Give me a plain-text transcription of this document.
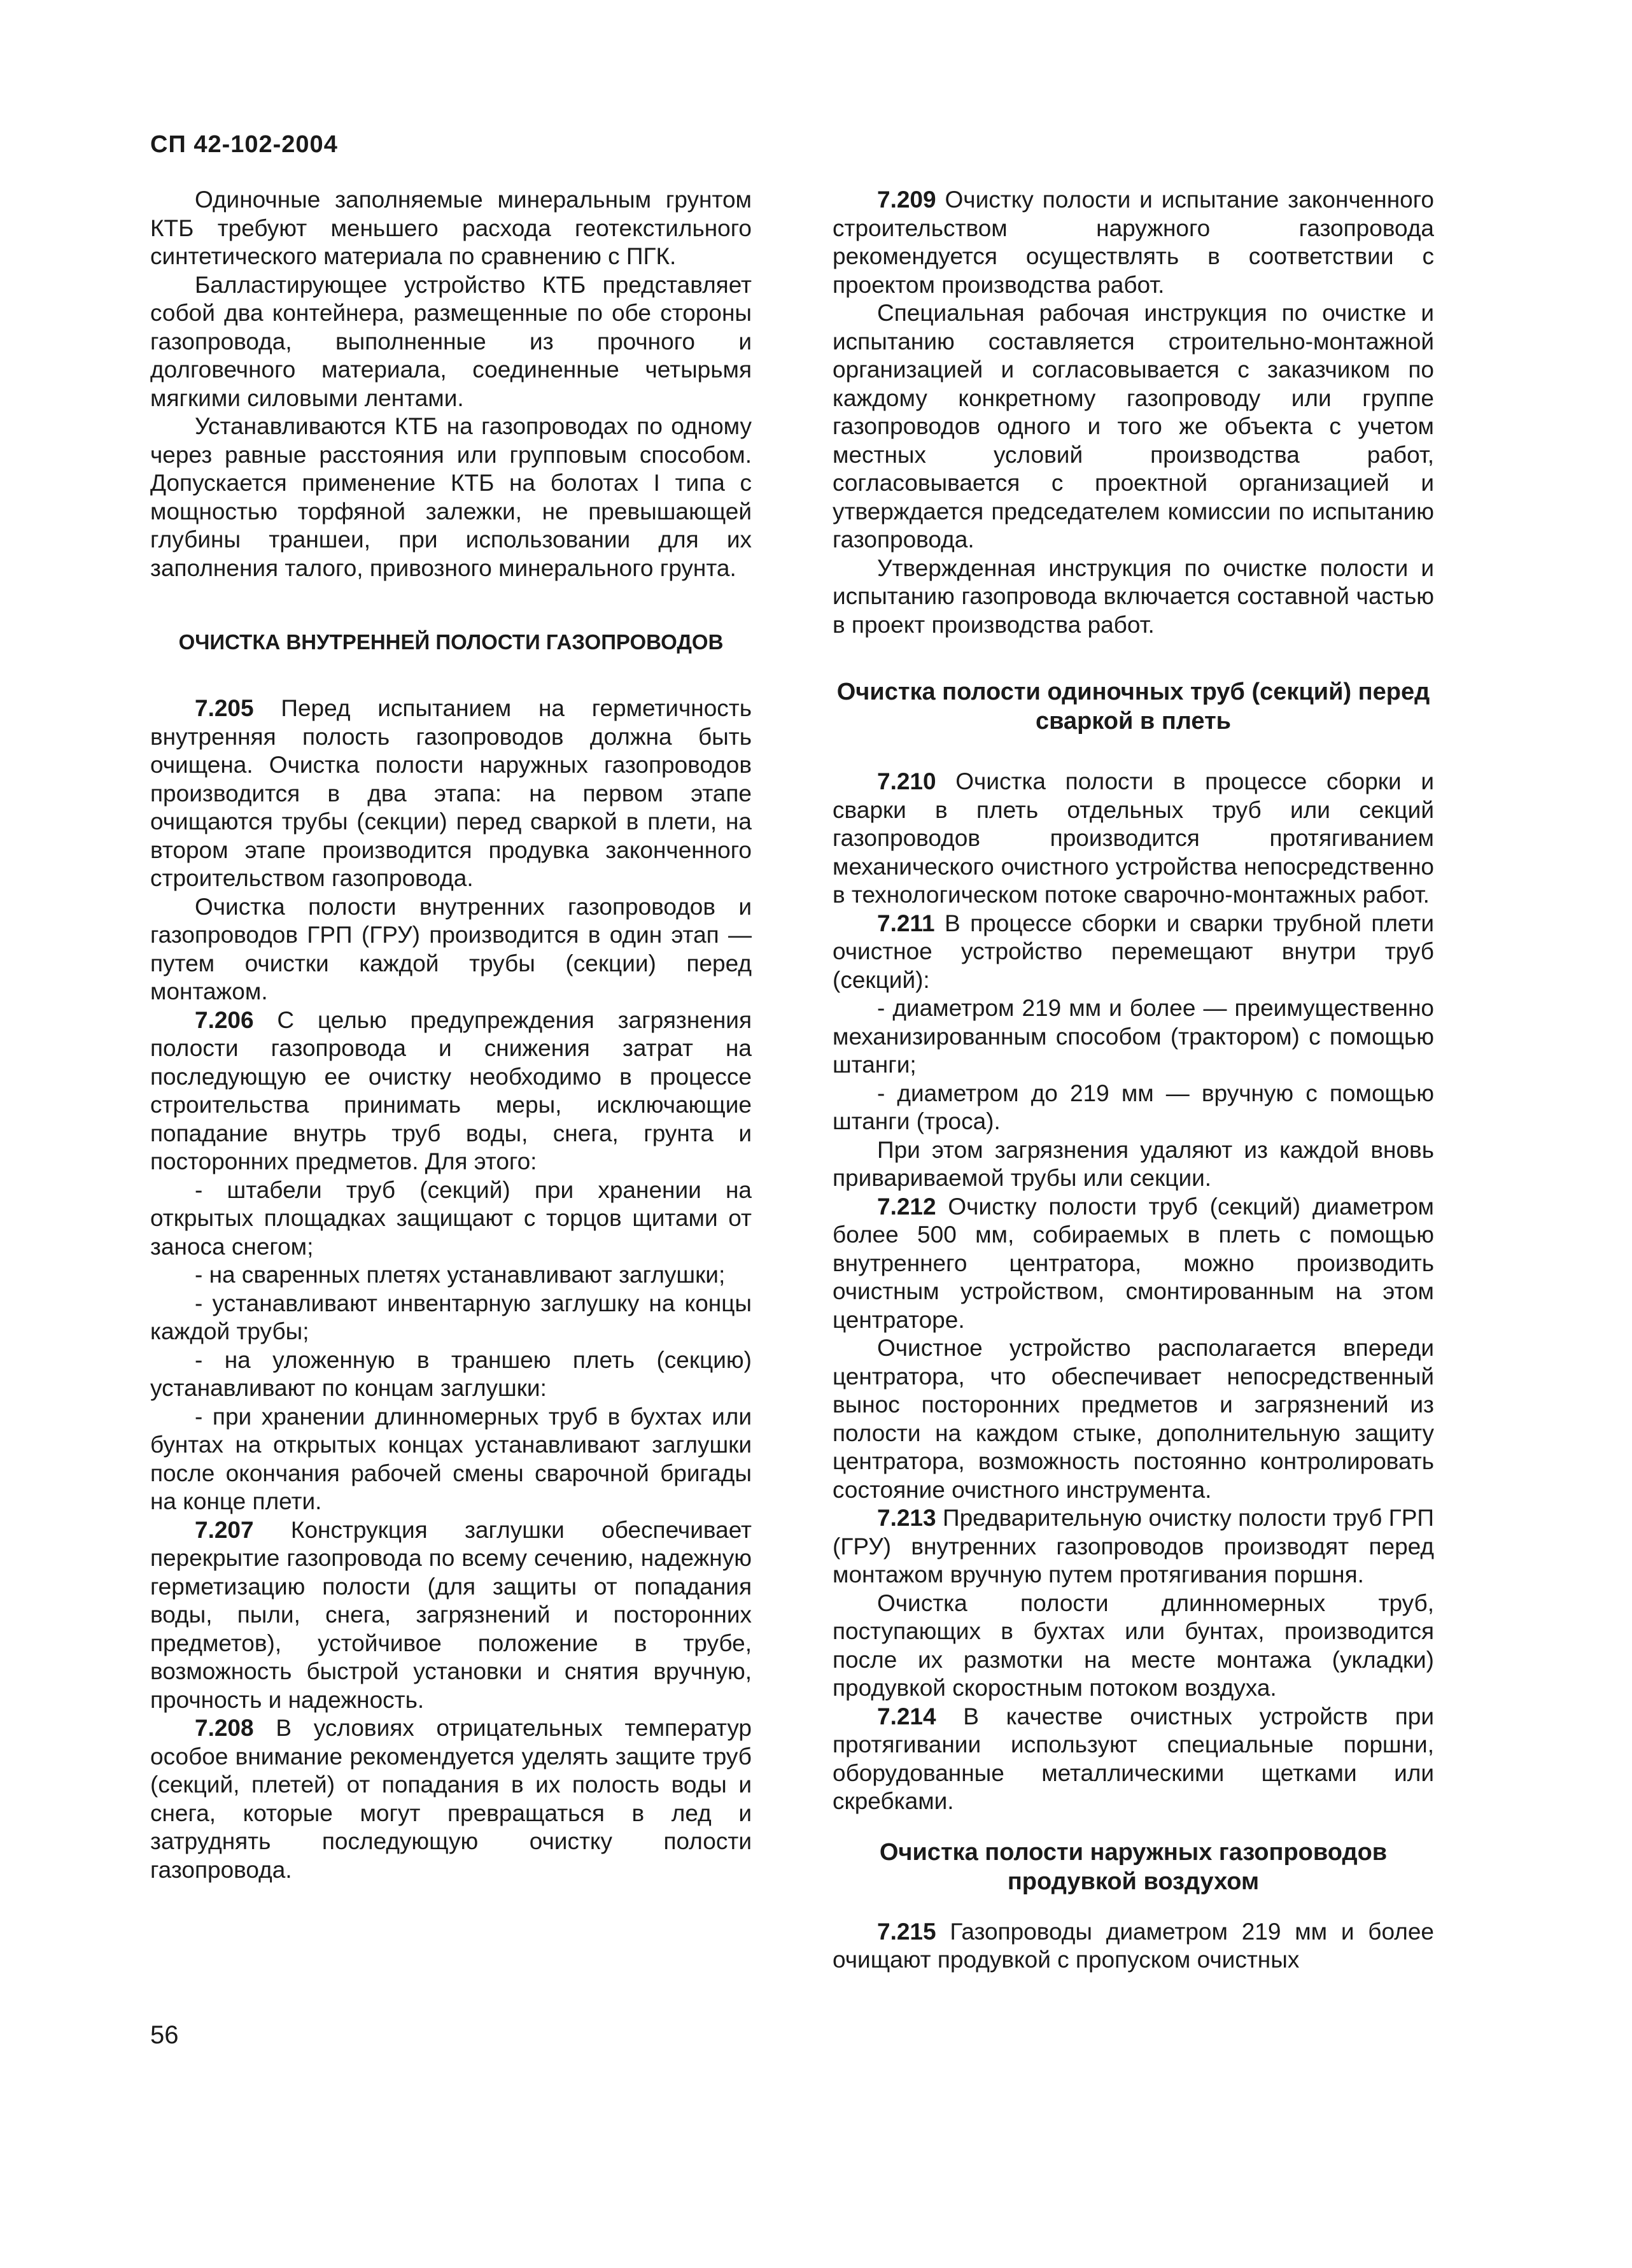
СП 42-102-2004

Одиночные заполняемые минеральным грунтом КТБ требуют меньшего расхода геотекстильного синтетического материала по сравнению с ПГК.

Балластирующее устройство КТБ представляет собой два контейнера, размещенные по обе стороны газопровода, выполненные из прочного и долговечного материала, соединенные четырьмя мягкими силовыми лентами.

Устанавливаются КТБ на газопроводах по одному через равные расстояния или групповым способом. Допускается применение КТБ на болотах I типа с мощностью торфяной залежки, не превышающей глубины траншеи, при использовании для их заполнения талого, привозного минерального грунта.

ОЧИСТКА ВНУТРЕННЕЙ ПОЛОСТИ ГАЗОПРОВОДОВ

7.205 Перед испытанием на герметичность внутренняя полость газопроводов должна быть очищена. Очистка полости наружных газопроводов производится в два этапа: на первом этапе очищаются трубы (секции) перед сваркой в плети, на втором этапе производится продувка законченного строительством газопровода.

Очистка полости внутренних газопроводов и газопроводов ГРП (ГРУ) производится в один этап — путем очистки каждой трубы (секции) перед монтажом.

7.206 С целью предупреждения загрязнения полости газопровода и снижения затрат на последующую ее очистку необходимо в процессе строительства принимать меры, исключающие попадание внутрь труб воды, снега, грунта и посторонних предметов. Для этого:

- штабели труб (секций) при хранении на открытых площадках защищают с торцов щитами от заноса снегом;

- на сваренных плетях устанавливают заглушки;

- устанавливают инвентарную заглушку на концы каждой трубы;

- на уложенную в траншею плеть (секцию) устанавливают по концам заглушки:

- при хранении длинномерных труб в бухтах или бунтах на открытых концах устанавливают заглушки после окончания рабочей смены сварочной бригады на конце плети.

7.207 Конструкция заглушки обеспечивает перекрытие газопровода по всему сечению, надежную герметизацию полости (для защиты от попадания воды, пыли, снега, загрязнений и посторонних предметов), устойчивое положение в трубе, возможность быстрой установки и снятия вручную, прочность и надежность.

7.208 В условиях отрицательных температур особое внимание рекомендуется уделять защите труб (секций, плетей) от попадания в их полость воды и снега, которые могут превращаться в лед и затруднять последующую очистку полости газопровода.

7.209 Очистку полости и испытание законченного строительством наружного газопровода рекомендуется осуществлять в соответствии с проектом производства работ.

Специальная рабочая инструкция по очистке и испытанию составляется строительно-монтажной организацией и согласовывается с заказчиком по каждому конкретному газопроводу или группе газопроводов одного и того же объекта с учетом местных условий производства работ, согласовывается с проектной организацией и утверждается председателем комиссии по испытанию газопровода.

Утвержденная инструкция по очистке полости и испытанию газопровода включается составной частью в проект производства работ.

Очистка полости одиночных труб (секций) перед сваркой в плеть

7.210 Очистка полости в процессе сборки и сварки в плеть отдельных труб или секций газопроводов производится протягиванием механического очистного устройства непосредственно в технологическом потоке сварочно-монтажных работ.

7.211 В процессе сборки и сварки трубной плети очистное устройство перемещают внутри труб (секций):

- диаметром 219 мм и более — преимущественно механизированным способом (трактором) с помощью штанги;

- диаметром до 219 мм — вручную с помощью штанги (троса).

При этом загрязнения удаляют из каждой вновь привариваемой трубы или секции.

7.212 Очистку полости труб (секций) диаметром более 500 мм, собираемых в плеть с помощью внутреннего центратора, можно производить очистным устройством, смонтированным на этом центраторе.

Очистное устройство располагается впереди центратора, что обеспечивает непосредственный вынос посторонних предметов и загрязнений из полости на каждом стыке, дополнительную защиту центратора, возможность постоянно контролировать состояние очистного инструмента.

7.213 Предварительную очистку полости труб ГРП (ГРУ) внутренних газопроводов производят перед монтажом вручную путем протягивания поршня.

Очистка полости длинномерных труб, поступающих в бухтах или бунтах, производится после их размотки на месте монтажа (укладки) продувкой скоростным потоком воздуха.

7.214 В качестве очистных устройств при протягивании используют специальные поршни, оборудованные металлическими щетками или скребками.

Очистка полости наружных газопроводов продувкой воздухом

7.215 Газопроводы диаметром 219 мм и более очищают продувкой с пропуском очистных

56
